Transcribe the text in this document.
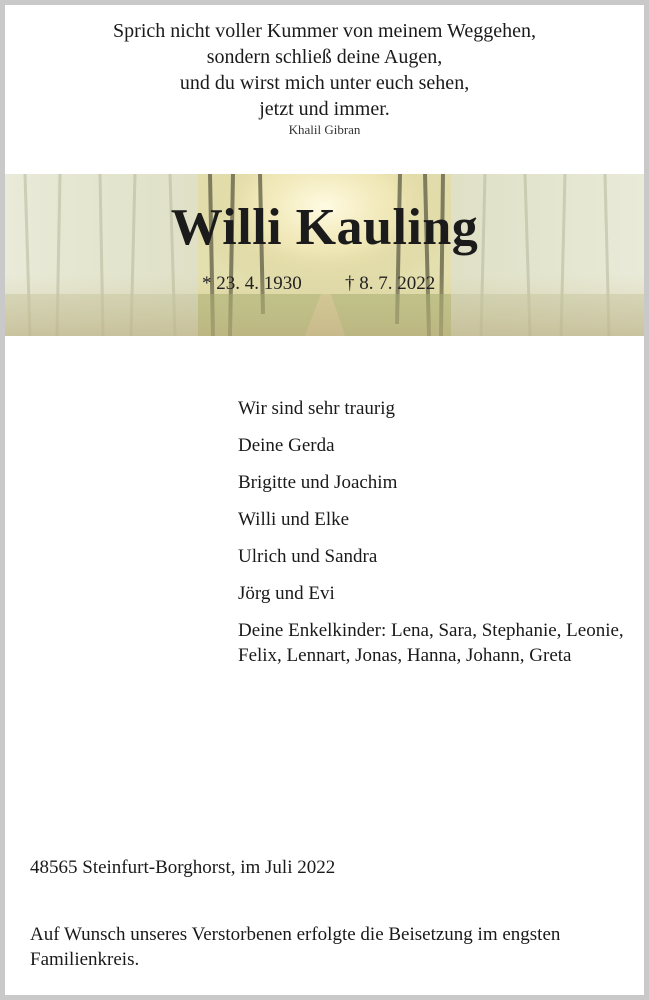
Sprich nicht voller Kummer von meinem Weggehen,
sondern schließ deine Augen,
und du wirst mich unter euch sehen,
jetzt und immer.
Khalil Gibran
Willi Kauling
* 23. 4. 1930 † 8. 7. 2022
Wir sind sehr traurig
Deine Gerda
Brigitte und Joachim
Willi und Elke
Ulrich und Sandra
Jörg und Evi
Deine Enkelkinder: Lena, Sara, Stephanie, Leonie, Felix, Lennart, Jonas, Hanna, Johann, Greta
48565 Steinfurt-Borghorst, im Juli 2022
Auf Wunsch unseres Verstorbenen erfolgte die Beisetzung im engsten Familienkreis.
